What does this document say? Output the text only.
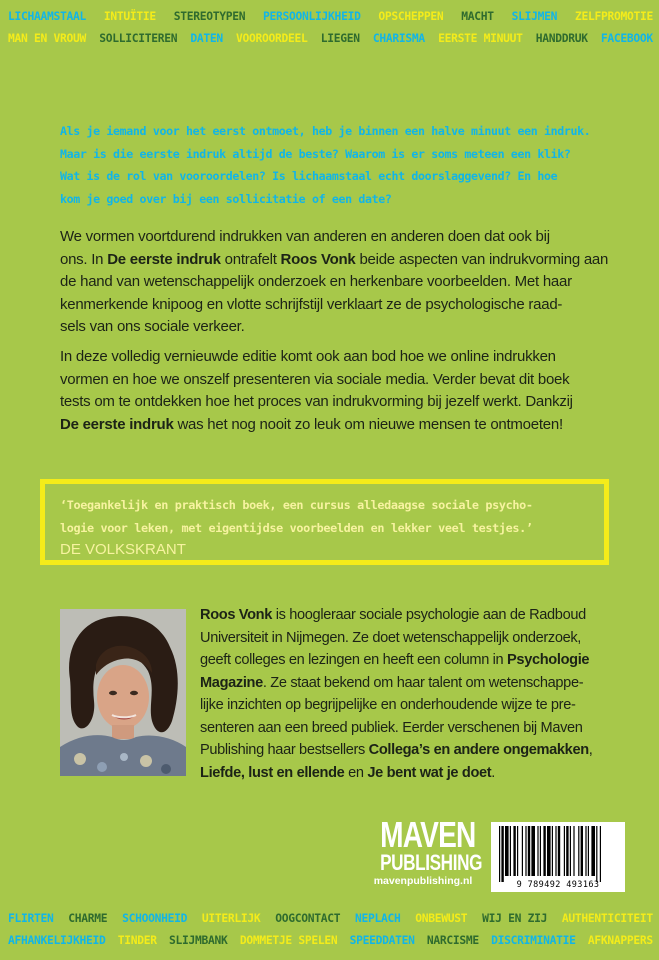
LICHAAMSTAAL INTUÏTIE STEREOTYPEN PERSOONLIJKHEID OPSCHEPPEN MACHT SLIJMEN ZELFPROMOTIE
MAN EN VROUW SOLLICITEREN DATEN VOOROORDEEL LIEGEN CHARISMA EERSTE MINUUT HANDDRUK FACEBOOK
Als je iemand voor het eerst ontmoet, heb je binnen een halve minuut een indruk.
Maar is die eerste indruk altijd de beste? Waarom is er soms meteen een klik?
Wat is de rol van vooroordelen? Is lichaamstaal echt doorslaggevend? En hoe
kom je goed over bij een sollicitatie of een date?
We vormen voortdurend indrukken van anderen en anderen doen dat ook bij
ons. In De eerste indruk ontrafelt Roos Vonk beide aspecten van indrukvorming aan
de hand van wetenschappelijk onderzoek en herkenbare voorbeelden. Met haar
kenmerkende knipoog en vlotte schrijfstijl verklaart ze de psychologische raad-
sels van ons sociale verkeer.
In deze volledig vernieuwde editie komt ook aan bod hoe we online indrukken
vormen en hoe we onszelf presenteren via sociale media. Verder bevat dit boek
tests om te ontdekken hoe het proces van indrukvorming bij jezelf werkt. Dankzij
De eerste indruk was het nog nooit zo leuk om nieuwe mensen te ontmoeten!
‘Toegankelijk en praktisch boek, een cursus alledaagse sociale psycho-
logie voor leken, met eigentijdse voorbeelden en lekker veel testjes.’
DE VOLKSKRANT
Roos Vonk is hoogleraar sociale psychologie aan de Radboud
Universiteit in Nijmegen. Ze doet wetenschappelijk onderzoek,
geeft colleges en lezingen en heeft een column in Psychologie
Magazine. Ze staat bekend om haar talent om wetenschappe-
lijke inzichten op begrijpelijke en onderhoudende wijze te pre-
senteren aan een breed publiek. Eerder verschenen bij Maven
Publishing haar bestsellers Collega’s en andere ongemakken,
Liefde, lust en ellende en Je bent wat je doet.
MAVEN
PUBLISHING
mavenpublishing.nl	9 789492 493163
FLIRTEN CHARME SCHOONHEID UITERLIJK OOGCONTACT NEPLACH ONBEWUST WIJ EN ZIJ AUTHENTICITEIT
AFHANKELIJKHEID TINDER SLIJMBANK DOMMETJE SPELEN SPEEDDATEN NARCISME DISCRIMINATIE AFKNAPPERS
